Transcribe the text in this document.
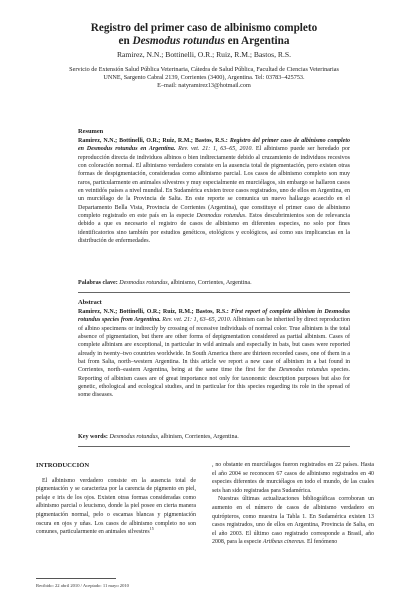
Registro del primer caso de albinismo completo
en Desmodus rotundus en Argentina
Ramirez, N.N.; Bottinelli, O.R.; Ruiz, R.M.; Bastos, R.S.
Servicio de Extensión Salud Pública Veterinaria, Cátedra de Salud Pública, Facultad de Ciencias Veterinarias
UNNE, Sargento Cabral 2139, Corrientes (3400), Argentina. Tel: 03783–425753.
E–mail: natyramirez13@hotmail.com
Resumen
Ramirez, N.N.; Bottinelli, O.R.; Ruiz, R.M.; Bastos, R.S.: Registro del primer caso de albinismo completo en Desmodus rotundus en Argentina. Rev. vet. 21: 1, 63–65, 2010. El albinismo puede ser heredado por reproducción directa de individuos albinos o bien indirectamente debido al cruzamiento de individuos recesivos con coloración normal. El albinismo verdadero consiste en la ausencia total de pigmentación, pero existen otras formas de despigmentación, consideradas como albinismo parcial. Los casos de albinismo completo son muy raros, particularmente en animales silvestres y muy especialmente en murciélagos, sin embargo se hallaron casos en veintidós países a nivel mundial. En Sudamérica existen trece casos registrados, uno de ellos en Argentina, en un murciélago de la Provincia de Salta. En este reporte se comunica un nuevo hallazgo acaecido en el Departamento Bella Vista, Provincia de Corrientes (Argentina), que constituye el primer caso de albinismo completo registrado en este país en la especie Desmodus rotundus. Estos descubrimientos son de relevancia debido a que es necesario el registro de casos de albinismo en diferentes especies, no solo por fines identificatorios sino también por estudios genéticos, etológicos y ecológicos, así como sus implicancias en la distribución de enfermedades.
Palabras clave: Desmodus rotundus, albinismo, Corrientes, Argentina.
Abstract
Ramirez, N.N.; Bottinelli, O.R.; Ruiz, R.M.; Bastos, R.S.: First report of complete albinism in Desmodus rotundus species from Argentina. Rev. vet. 21: 1, 63–65, 2010. Albinism can be inherited by direct reproduction of albino specimens or indirectly by crossing of recessive individuals of normal color. True albinism is the total absence of pigmentation, but there are other forms of depigmentation considered as partial albinism. Cases of complete albinism are exceptional, in particular in wild animals and especially in bats, but cases were reported already in twenty–two countries worldwide. In South America there are thirteen recorded cases, one of them in a bat from Salta, north–western Argentina. In this article we report a new case of albinism in a bat found in Corrientes, north–eastern Argentina, being at the same time the first for the Desmodus rotundus species. Reporting of albinism cases are of great importance not only for taxonomic description purposes but also for genetic, ethological and ecological studies, and in particular for this species regarding its role in the spread of some diseases.
Key words: Desmodus rotundus, albinism, Corrientes, Argentina.
INTRODUCCIÓN

El albinismo verdadero consiste en la ausencia total de pigmentación y se caracteriza por la carencia de pigmento en piel, pelaje e iris de los ojos. Existen otras formas consideradas como albinismo parcial o leucismo, donde la piel posee en cierta manera pigmentación normal, pelo o escamas blancas y pigmentación oscura en ojos y uñas. Los casos de albinismo completo no son comunes, particularmente en animales silvestres$^{15}$

, no obstante en murciélagos fueron registrados en 22 países. Hasta el año 2004 se reconocen 67 casos de albinismo registrados en 40 especies diferentes de murciélagos en todo el mundo, de las cuales seis han sido registradas para Sudamérica.

Nuestras últimas actualizaciones bibliográficas corroboran un aumento en el número de casos de albinismo verdadero en quirópteros, como muestra la Tabla 1. En Sudamérica existen 13 casos registrados, uno de ellos en Argentina, Provincia de Salta, en el año 2003. El último caso registrado corresponde a Brasil, año 2008, para la especie Artibeus cinereus. El fenómeno

Recibido: 22 abril 2010 / Aceptado: 11 mayo 2010
